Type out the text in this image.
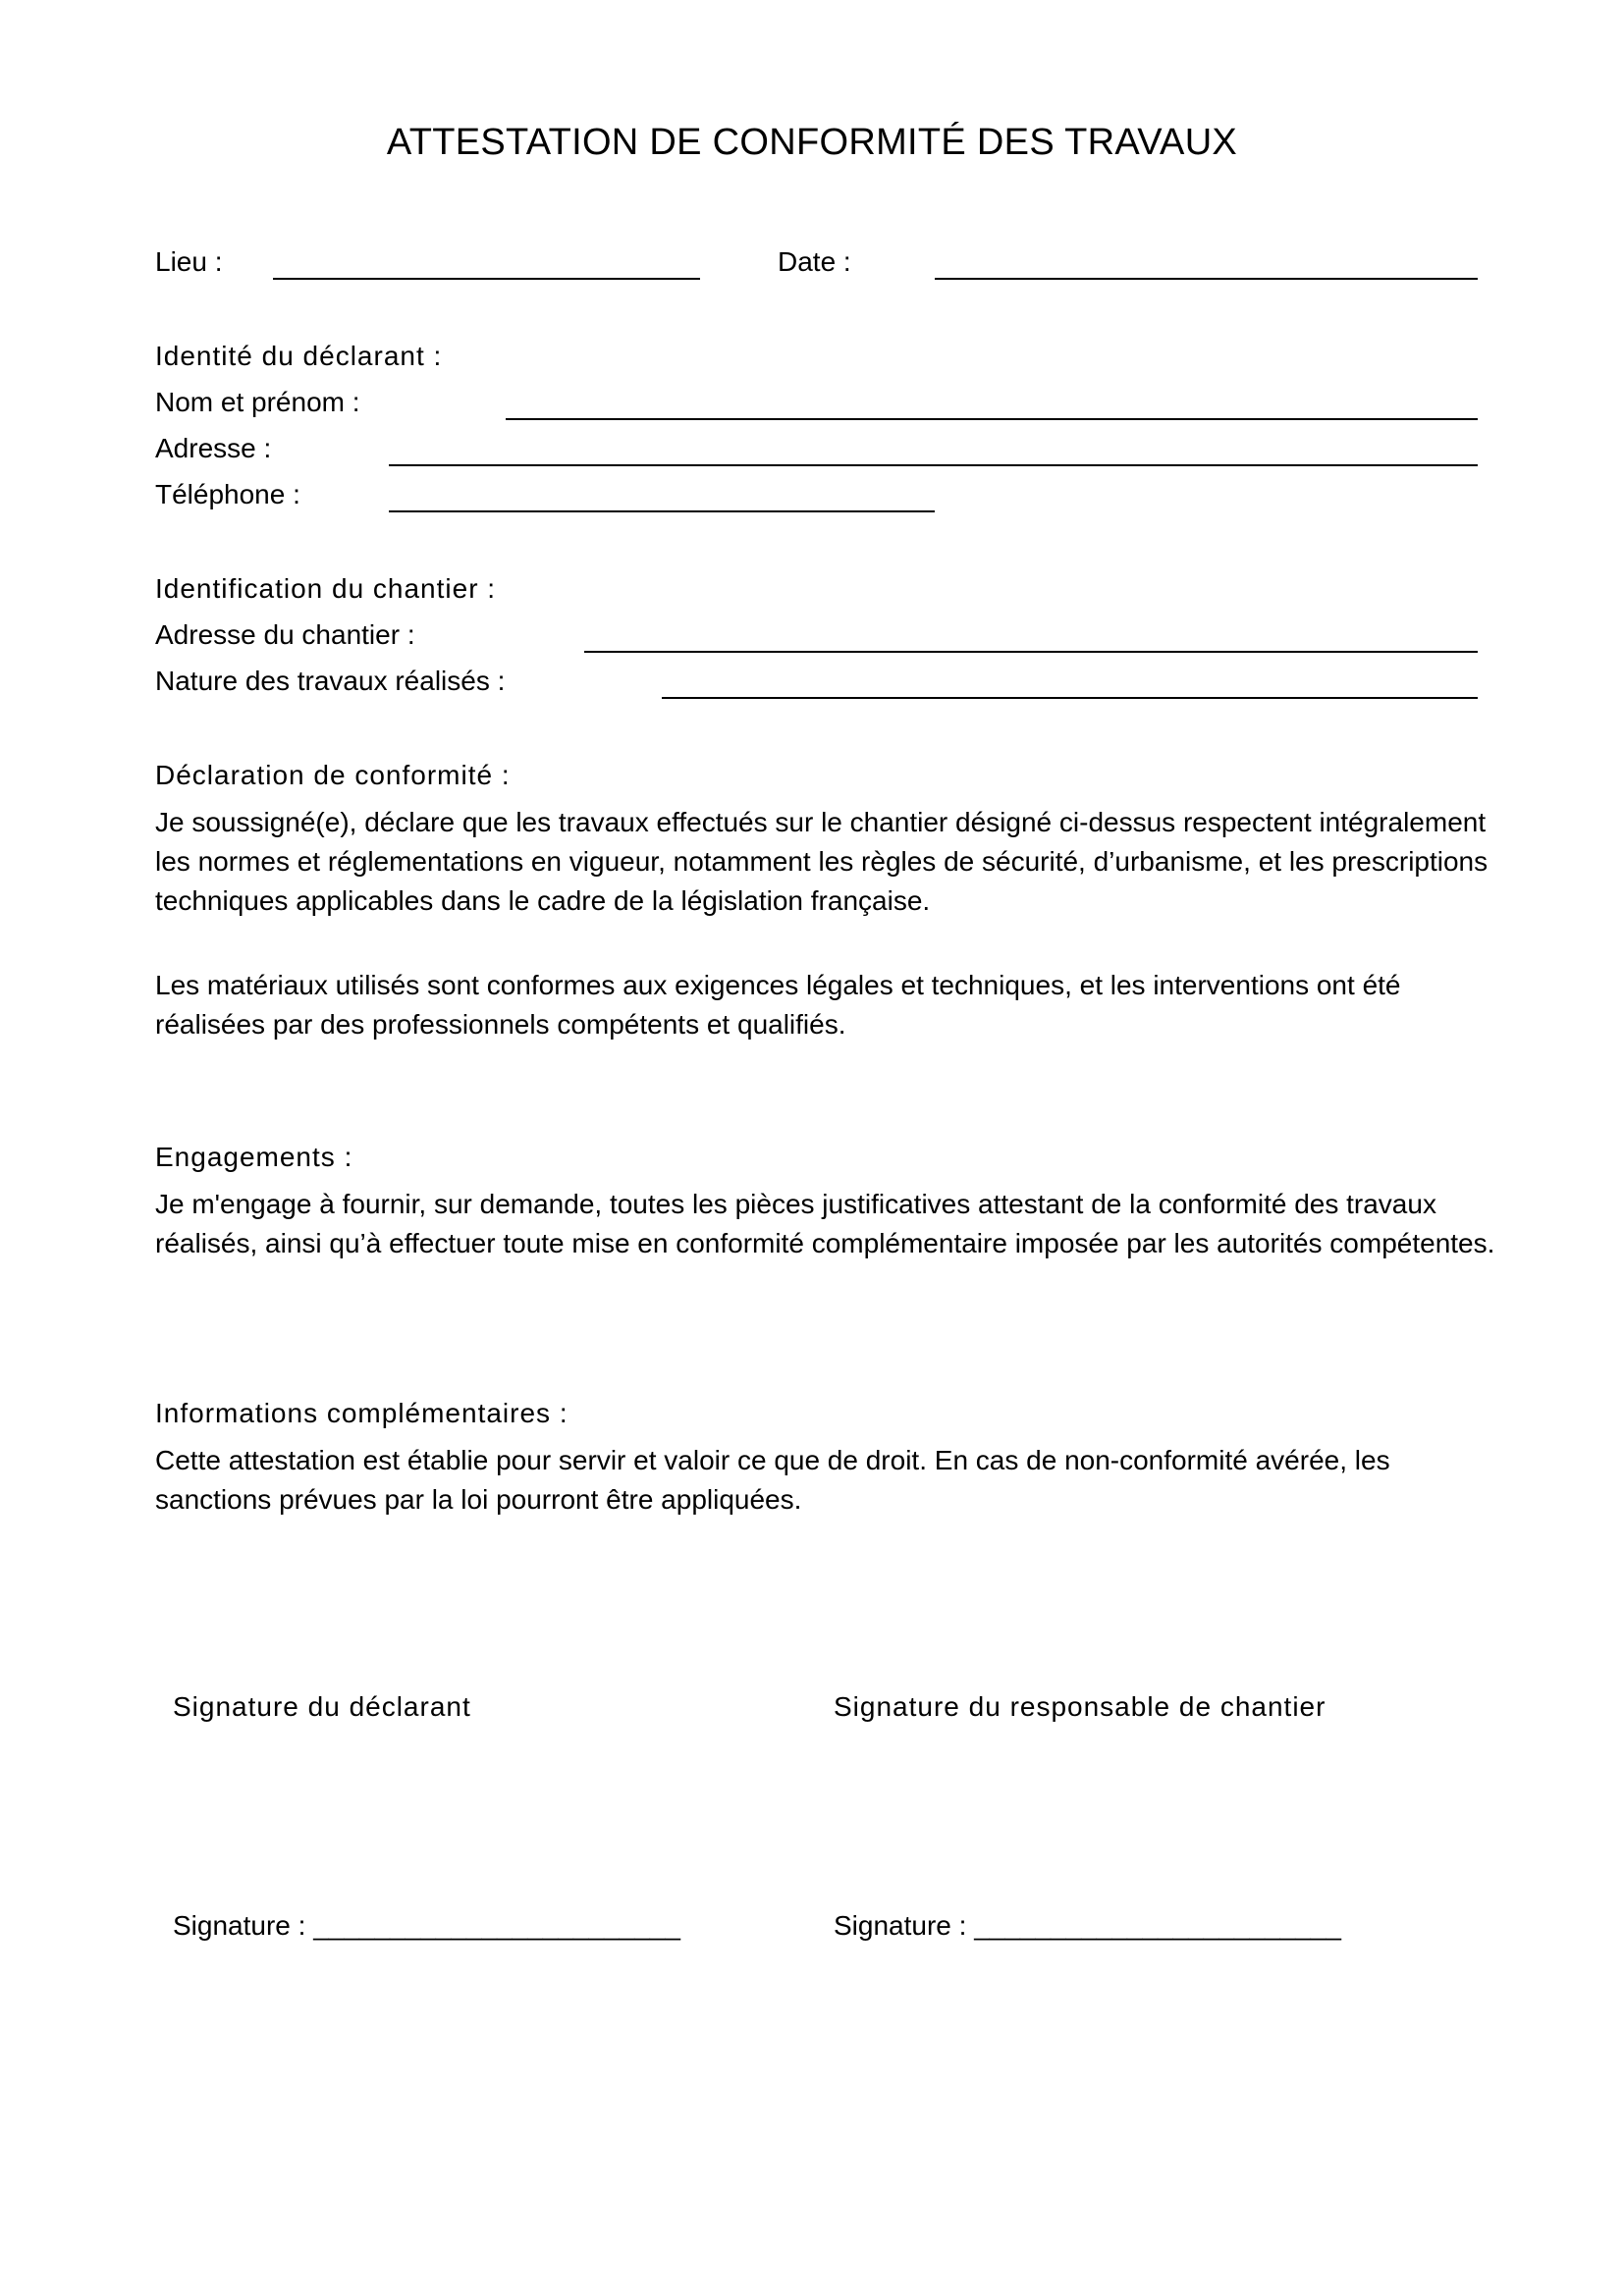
ATTESTATION DE CONFORMITÉ DES TRAVAUX
Lieu :	Date :
Identité du déclarant :
Nom et prénom :
Adresse :
Téléphone :
Identification du chantier :
Adresse du chantier :
Nature des travaux réalisés :
Déclaration de conformité :

Je soussigné(e), déclare que les travaux effectués sur le chantier désigné ci-dessus respectent intégralement les normes et réglementations en vigueur, notamment les règles de sécurité, d’urbanisme, et les prescriptions techniques applicables dans le cadre de la législation française.

Les matériaux utilisés sont conformes aux exigences légales et techniques, et les interventions ont été réalisées par des professionnels compétents et qualifiés.

Engagements :

Je m'engage à fournir, sur demande, toutes les pièces justificatives attestant de la conformité des travaux réalisés, ainsi qu’à effectuer toute mise en conformité complémentaire imposée par les autorités compétentes.

Informations complémentaires :

Cette attestation est établie pour servir et valoir ce que de droit. En cas de non-conformité avérée, les sanctions prévues par la loi pourront être appliquées.

Signature du déclarant	Signature du responsable de chantier
Signature : ________________________	Signature : ________________________
